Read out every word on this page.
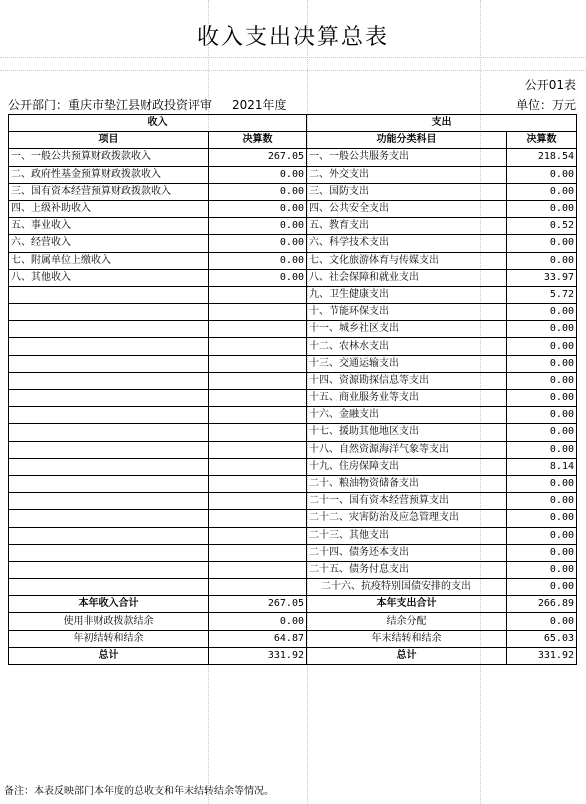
收入支出决算总表
公开01表
公开部门：重庆市垫江县财政投资评审 2021年度	单位：万元
收入		支出	
项目	决算数	功能分类科目	决算数
一、一般公共预算财政拨款收入	267.05	一、一般公共服务支出	218.54
二、政府性基金预算财政拨款收入	0.00	二、外交支出	0.00
三、国有资本经营预算财政拨款收入	0.00	三、国防支出	0.00
四、上级补助收入	0.00	四、公共安全支出	0.00
五、事业收入	0.00	五、教育支出	0.52
六、经营收入	0.00	六、科学技术支出	0.00
七、附属单位上缴收入	0.00	七、文化旅游体育与传媒支出	0.00
八、其他收入	0.00	八、社会保障和就业支出	33.97
		九、卫生健康支出	5.72
		十、节能环保支出	0.00
		十一、城乡社区支出	0.00
		十二、农林水支出	0.00
		十三、交通运输支出	0.00
		十四、资源勘探信息等支出	0.00
		十五、商业服务业等支出	0.00
		十六、金融支出	0.00
		十七、援助其他地区支出	0.00
		十八、自然资源海洋气象等支出	0.00
		十九、住房保障支出	8.14
		二十、粮油物资储备支出	0.00
		二十一、国有资本经营预算支出	0.00
		二十二、灾害防治及应急管理支出	0.00
		二十三、其他支出	0.00
		二十四、债务还本支出	0.00
		二十五、债务付息支出	0.00
		二十六、抗疫特别国债安排的支出	0.00
本年收入合计	267.05	本年支出合计	266.89
使用非财政拨款结余	0.00	结余分配	0.00
年初结转和结余	64.87	年末结转和结余	65.03
总计	331.92	总计	331.92
备注：本表反映部门本年度的总收支和年末结转结余等情况。
